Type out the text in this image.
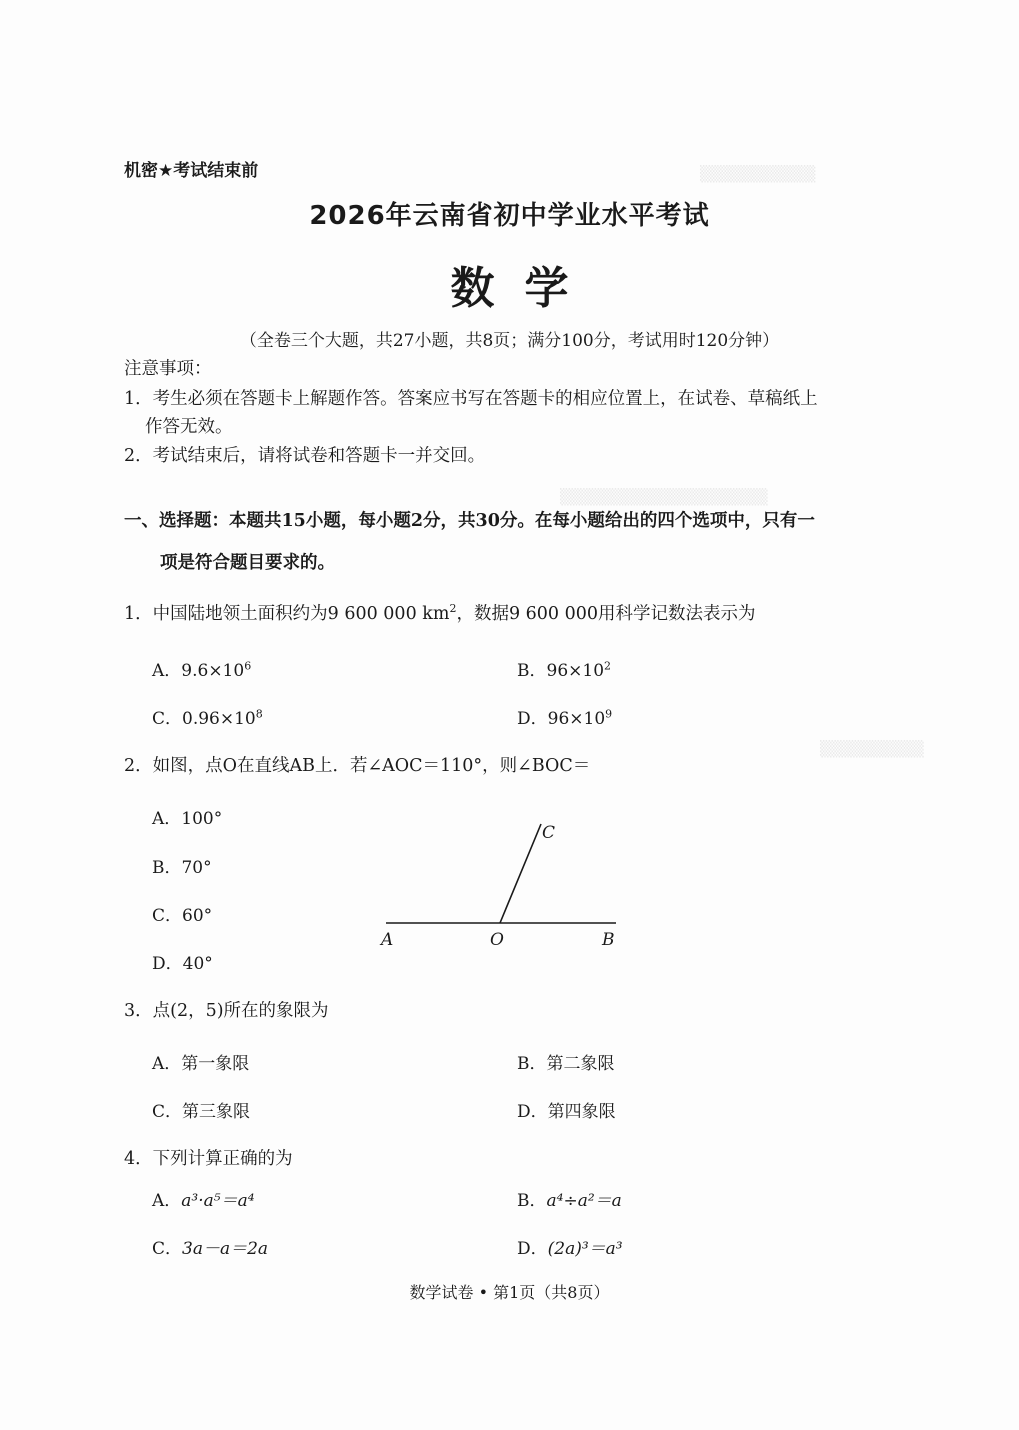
▒▒▒▒▒▒▒▒▒▒
▒▒▒▒▒▒▒▒▒▒▒▒▒▒▒▒▒▒
▒▒▒▒▒▒▒▒▒
机密★考试结束前
2026年云南省初中学业水平考试
数学
（全卷三个大题，共27小题，共8页；满分100分，考试用时120分钟）
注意事项：
1．考生必须在答题卡上解题作答。答案应书写在答题卡的相应位置上，在试卷、草稿纸上
作答无效。
2．考试结束后，请将试卷和答题卡一并交回。
一、选择题：本题共15小题，每小题2分，共30分。在每小题给出的四个选项中，只有一
项是符合题目要求的。
1．中国陆地领土面积约为9 600 000 $km^2$，数据9 600 000用科学记数法表示为
A．$9.6\times 10^6$	B．$96\times 10^2$
C．$0.96\times 10^8$	D．$96\times 10^9$
2．如图，点O在直线AB上．若∠AOC＝110°，则∠BOC＝
A．100°
B．70°
C．60°
D．40°
A	O	B
C
3．点(2，5)所在的象限为
A．第一象限	B．第二象限
C．第三象限	D．第四象限
4．下列计算正确的为
A．a³·a⁵＝a⁴	B．a⁴÷a²＝a
C．3a－a＝2a	D．(2a)³＝a³
数学试卷 • 第1页（共8页）
